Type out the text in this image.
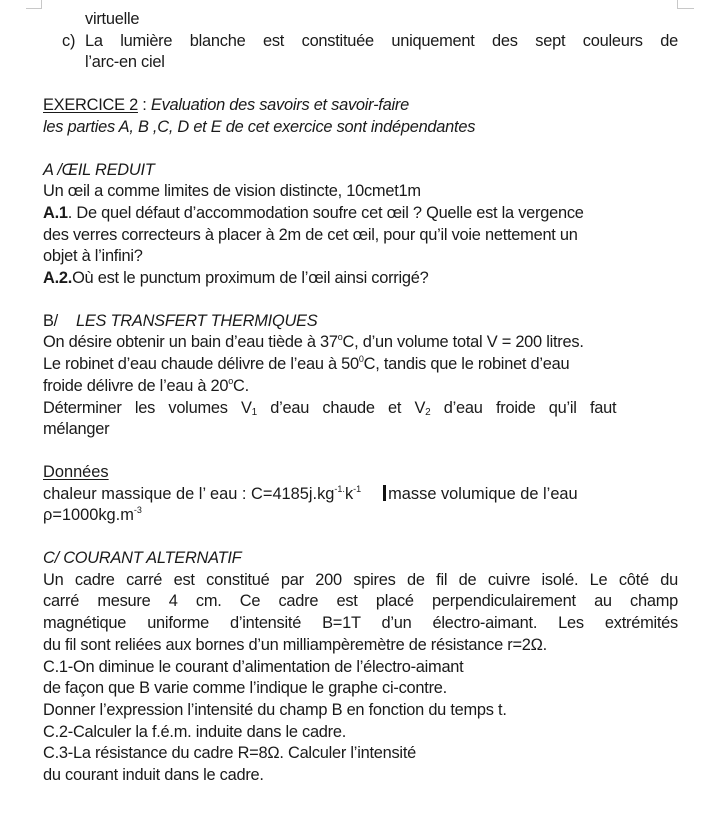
virtuelle
c) La lumière blanche est constituée uniquement des sept couleurs de
l’arc-en ciel
EXERCICE 2 : Evaluation des savoirs et savoir-faire
les parties A, B ,C, D et E de cet exercice sont indépendantes
A /ŒIL REDUIT
Un œil a comme limites de vision distincte, 10cmet1m
A.1. De quel défaut d’accommodation soufre cet œil ? Quelle est la vergence
des verres correcteurs à placer à 2m de cet œil, pour qu’il voie nettement un
objet à l’infini?
A.2.Où est le punctum proximum de l’œil ainsi corrigé?
B/ LES TRANSFERT THERMIQUES
On désire obtenir un bain d’eau tiède à 37$^o$C, d’un volume total V = 200 litres.
Le robinet d’eau chaude délivre de l’eau à $50^0C$, tandis que le robinet d’eau
froide délivre de l’eau à 20$^o$C.
Déterminer les volumes $V_1$ d’eau chaude et $V_2$ d’eau froide qu’il faut
mélanger
Données
chaleur massique de l’ eau : $C=4185j.kg^{-1.}k^{-1}$ masse volumique de l’eau
$\rho=1000kg.m^{-3}$
C/ COURANT ALTERNATIF
Un cadre carré est constitué par 200 spires de fil de cuivre isolé. Le côté du
carré mesure 4 cm. Ce cadre est placé perpendiculairement au champ
magnétique uniforme d’intensité B=1T d’un électro-aimant. Les extrémités
du fil sont reliées aux bornes d’un milliampèremètre de résistance r=2Ω.
C.1-On diminue le courant d’alimentation de l’électro-aimant
de façon que B varie comme l’indique le graphe ci-contre.
Donner l’expression l’intensité du champ B en fonction du temps t.
C.2-Calculer la f.é.m. induite dans le cadre.
C.3-La résistance du cadre R=8Ω. Calculer l’intensité
du courant induit dans le cadre.
